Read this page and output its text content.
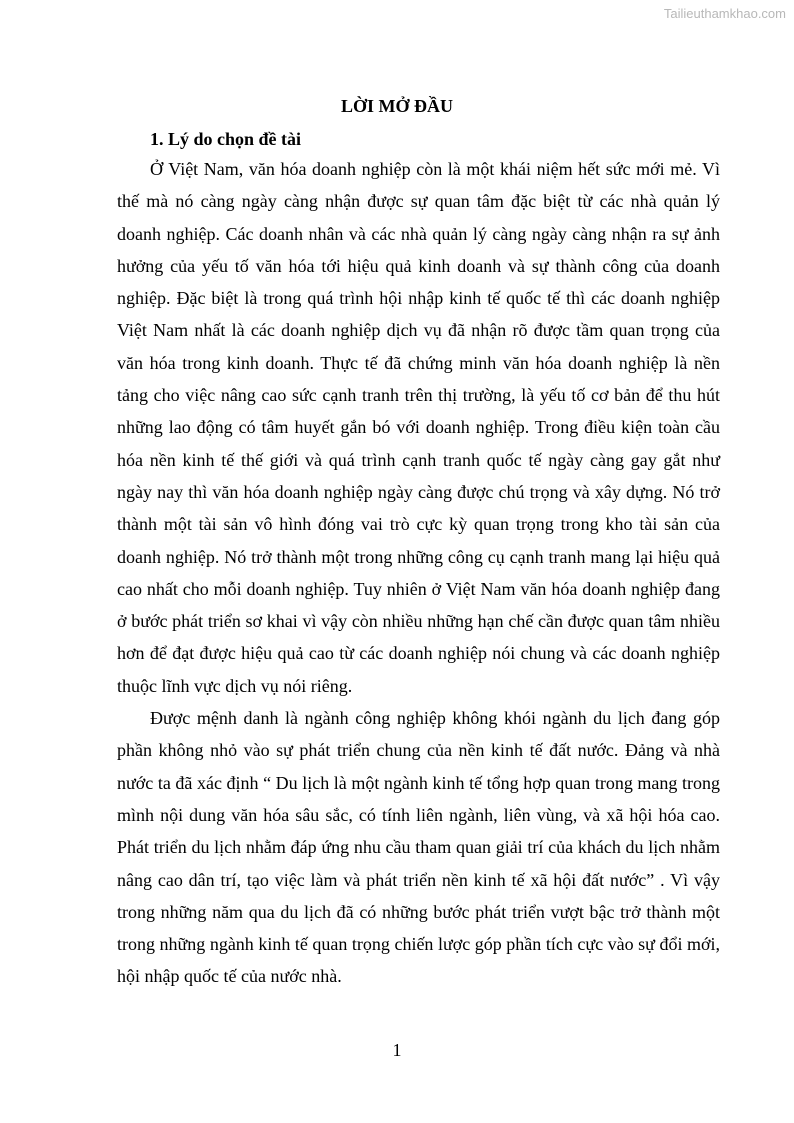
Tailieuthamkhao.com
LỜI MỞ ĐẦU
1. Lý do chọn đề tài

Ở Việt Nam, văn hóa doanh nghiệp còn là một khái niệm hết sức mới mẻ. Vì thế mà nó càng ngày càng nhận được sự quan tâm đặc biệt từ các nhà quản lý doanh nghiệp. Các doanh nhân và các nhà quản lý càng ngày càng nhận ra sự ảnh hưởng của yếu tố văn hóa tới hiệu quả kinh doanh và sự thành công của doanh nghiệp. Đặc biệt là trong quá trình hội nhập kinh tế quốc tế thì các doanh nghiệp Việt Nam nhất là các doanh nghiệp dịch vụ đã nhận rõ được tầm quan trọng của văn hóa trong kinh doanh. Thực tế đã chứng minh văn hóa doanh nghiệp là nền tảng cho việc nâng cao sức cạnh tranh trên thị trường, là yếu tố cơ bản để thu hút những lao động có tâm huyết gắn bó với doanh nghiệp. Trong điều kiện toàn cầu hóa nền kinh tế thế giới và quá trình cạnh tranh quốc tế ngày càng gay gắt như ngày nay thì văn hóa doanh nghiệp ngày càng được chú trọng và xây dựng. Nó trở thành một tài sản vô hình đóng vai trò cực kỳ quan trọng trong kho tài sản của doanh nghiệp. Nó trở thành một trong những công cụ cạnh tranh mang lại hiệu quả cao nhất cho mỗi doanh nghiệp. Tuy nhiên ở Việt Nam văn hóa doanh nghiệp đang ở bước phát triển sơ khai vì vậy còn nhiều những hạn chế cần được quan tâm nhiều hơn để đạt được hiệu quả cao từ các doanh nghiệp nói chung và các doanh nghiệp thuộc lĩnh vực dịch vụ nói riêng.

Được mệnh danh là ngành công nghiệp không khói ngành du lịch đang góp phần không nhỏ vào sự phát triển chung của nền kinh tế đất nước. Đảng và nhà nước ta đã xác định “ Du lịch là một ngành kinh tế tổng hợp quan trong mang trong mình nội dung văn hóa sâu sắc, có tính liên ngành, liên vùng, và xã hội hóa cao. Phát triển du lịch nhằm đáp ứng nhu cầu tham quan giải trí của khách du lịch nhằm nâng cao dân trí, tạo việc làm và phát triển nền kinh tế xã hội đất nước” . Vì vậy trong những năm qua du lịch đã có những bước phát triển vượt bậc trở thành một trong những ngành kinh tế quan trọng chiến lược góp phần tích cực vào sự đổi mới, hội nhập quốc tế của nước nhà.

1
